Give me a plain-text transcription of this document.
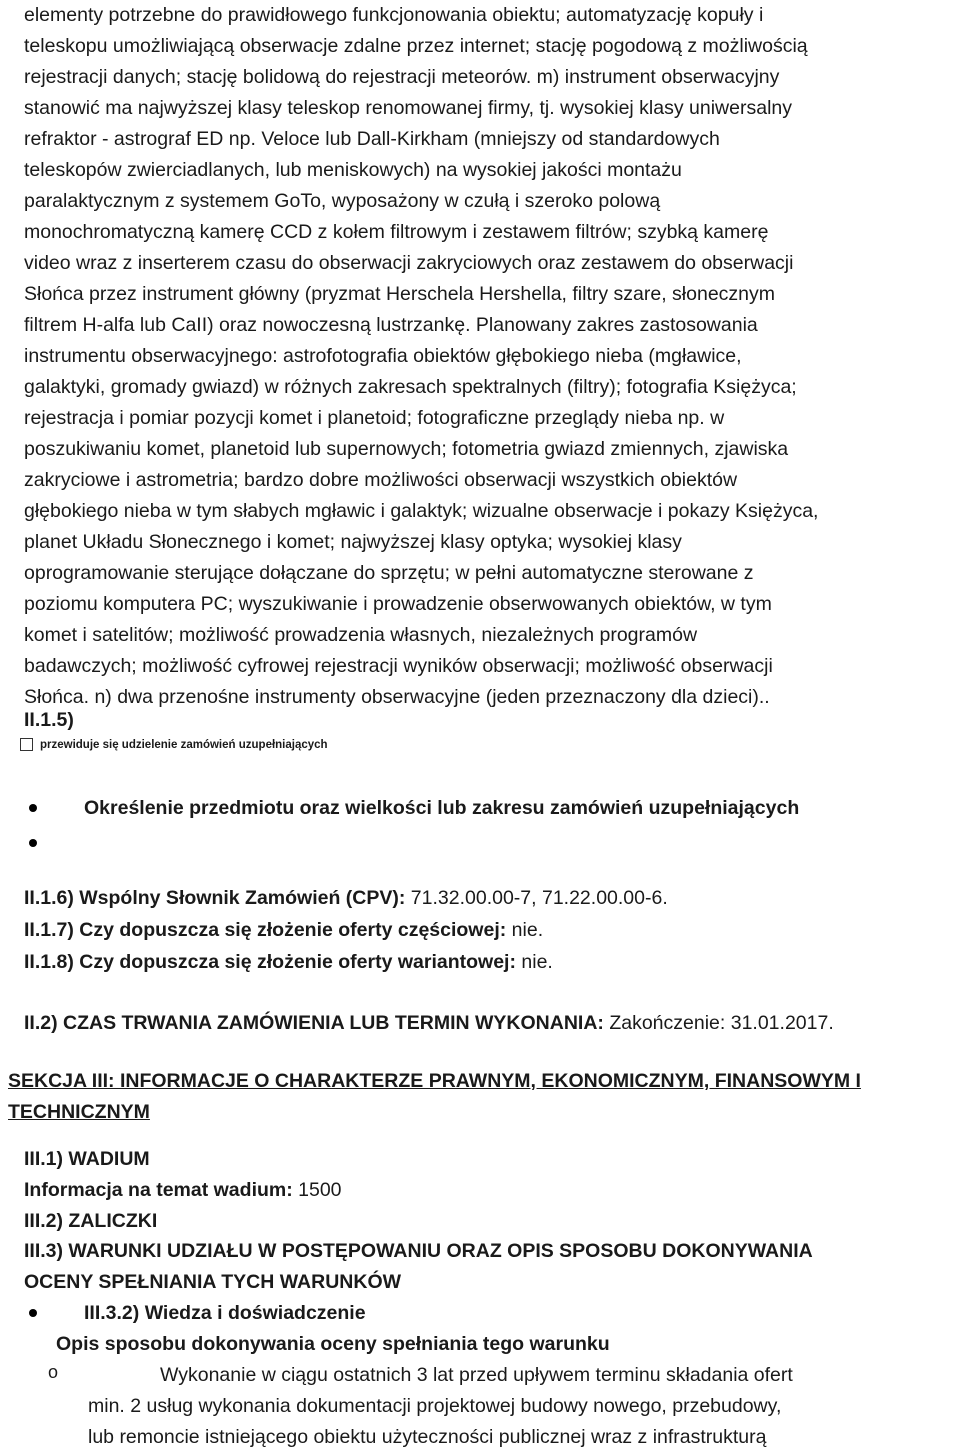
elementy potrzebne do prawidłowego funkcjonowania obiektu; automatyzację kopuły i
teleskopu umożliwiającą obserwacje zdalne przez internet; stację pogodową z możliwością
rejestracji danych; stację bolidową do rejestracji meteorów. m) instrument obserwacyjny
stanowić ma najwyższej klasy teleskop renomowanej firmy, tj. wysokiej klasy uniwersalny
refraktor - astrograf ED np. Veloce lub Dall-Kirkham (mniejszy od standardowych
teleskopów zwierciadlanych, lub meniskowych) na wysokiej jakości montażu
paralaktycznym z systemem GoTo, wyposażony w czułą i szeroko polową
monochromatyczną kamerę CCD z kołem filtrowym i zestawem filtrów; szybką kamerę
video wraz z inserterem czasu do obserwacji zakryciowych oraz zestawem do obserwacji
Słońca przez instrument główny (pryzmat Herschela Hershella, filtry szare, słonecznym
filtrem H-alfa lub CaII) oraz nowoczesną lustrzankę. Planowany zakres zastosowania
instrumentu obserwacyjnego: astrofotografia obiektów głębokiego nieba (mgławice,
galaktyki, gromady gwiazd) w różnych zakresach spektralnych (filtry); fotografia Księżyca;
rejestracja i pomiar pozycji komet i planetoid; fotograficzne przeglądy nieba np. w
poszukiwaniu komet, planetoid lub supernowych; fotometria gwiazd zmiennych, zjawiska
zakryciowe i astrometria; bardzo dobre możliwości obserwacji wszystkich obiektów
głębokiego nieba w tym słabych mgławic i galaktyk; wizualne obserwacje i pokazy Księżyca,
planet Układu Słonecznego i komet; najwyższej klasy optyka; wysokiej klasy
oprogramowanie sterujące dołączane do sprzętu; w pełni automatyczne sterowane z
poziomu komputera PC; wyszukiwanie i prowadzenie obserwowanych obiektów, w tym
komet i satelitów; możliwość prowadzenia własnych, niezależnych programów
badawczych; możliwość cyfrowej rejestracji wyników obserwacji; możliwość obserwacji
Słońca. n) dwa przenośne instrumenty obserwacyjne (jeden przeznaczony dla dzieci)..
II.1.5)
przewiduje się udzielenie zamówień uzupełniających
Określenie przedmiotu oraz wielkości lub zakresu zamówień uzupełniających
II.1.6) Wspólny Słownik Zamówień (CPV): 71.32.00.00-7, 71.22.00.00-6.
II.1.7) Czy dopuszcza się złożenie oferty częściowej: nie.
II.1.8) Czy dopuszcza się złożenie oferty wariantowej: nie.
II.2) CZAS TRWANIA ZAMÓWIENIA LUB TERMIN WYKONANIA: Zakończenie: 31.01.2017.
SEKCJA III: INFORMACJE O CHARAKTERZE PRAWNYM, EKONOMICZNYM, FINANSOWYM I
TECHNICZNYM
III.1) WADIUM
Informacja na temat wadium: 1500
III.2) ZALICZKI
III.3) WARUNKI UDZIAŁU W POSTĘPOWANIU ORAZ OPIS SPOSOBU DOKONYWANIA
OCENY SPEŁNIANIA TYCH WARUNKÓW
III.3.2) Wiedza i doświadczenie
Opis sposobu dokonywania oceny spełniania tego warunku
o	Wykonanie w ciągu ostatnich 3 lat przed upływem terminu składania ofert
min. 2 usług wykonania dokumentacji projektowej budowy nowego, przebudowy,
lub remoncie istniejącego obiektu użyteczności publicznej wraz z infrastrukturą
